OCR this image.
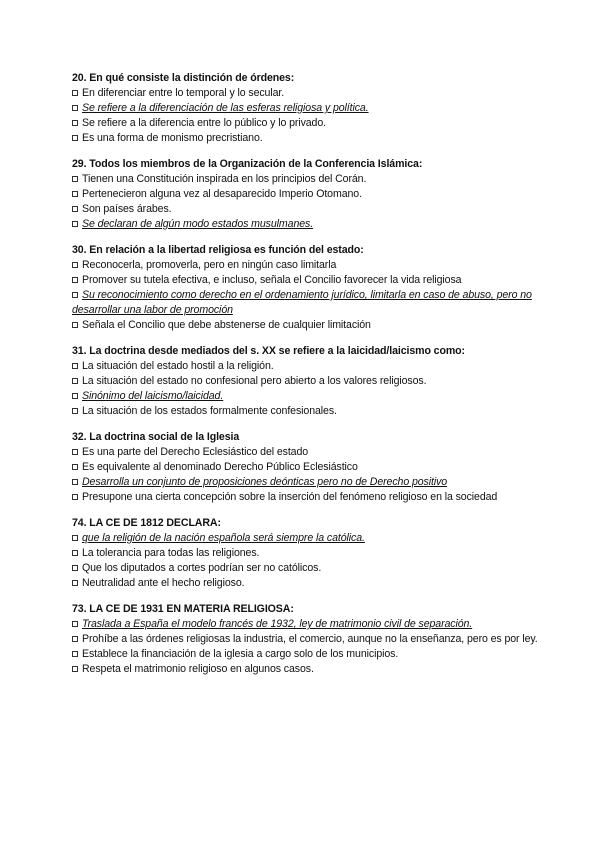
20. En qué consiste la distinción de órdenes:
En diferenciar entre lo temporal y lo secular.
Se refiere a la diferenciación de las esferas religiosa y política.
Se refiere a la diferencia entre lo público y lo privado.
Es una forma de monismo precristiano.
29. Todos los miembros de la Organización de la Conferencia Islámica:
Tienen una Constitución inspirada en los principios del Corán.
Pertenecieron alguna vez al desaparecido Imperio Otomano.
Son países árabes.
Se declaran de algún modo estados musulmanes.
30. En relación a la libertad religiosa es función del estado:
Reconocerla, promoverla, pero en ningún caso limitarla
Promover su tutela efectiva, e incluso, señala el Concilio favorecer la vida religiosa
Su reconocimiento como derecho en el ordenamiento jurídico, limitarla en caso de abuso, pero no desarrollar una labor de promoción
Señala el Concilio que debe abstenerse de cualquier limitación
31. La doctrina desde mediados del s. XX se refiere a la laicidad/laicismo como:
La situación del estado hostil a la religión.
La situación del estado no confesional pero abierto a los valores religiosos.
Sinónimo del laicismo/laicidad.
La situación de los estados formalmente confesionales.
32. La doctrina social de la Iglesia
Es una parte del Derecho Eclesiástico del estado
Es equivalente al denominado Derecho Público Eclesiástico
Desarrolla un conjunto de proposiciones deónticas pero no de Derecho positivo
Presupone una cierta concepción sobre la inserción del fenómeno religioso en la sociedad
74. LA CE DE 1812 DECLARA:
que la religión de la nación española será siempre la católica.
La tolerancia para todas las religiones.
Que los diputados a cortes podrían ser no católicos.
Neutralidad ante el hecho religioso.
73. LA CE DE 1931 EN MATERIA RELIGIOSA:
Traslada a España el modelo francés de 1932, ley de matrimonio civil de separación.
Prohíbe a las órdenes religiosas la industria, el comercio, aunque no la enseñanza, pero es por ley.
Establece la financiación de la iglesia a cargo solo de los municipios.
Respeta el matrimonio religioso en algunos casos.
